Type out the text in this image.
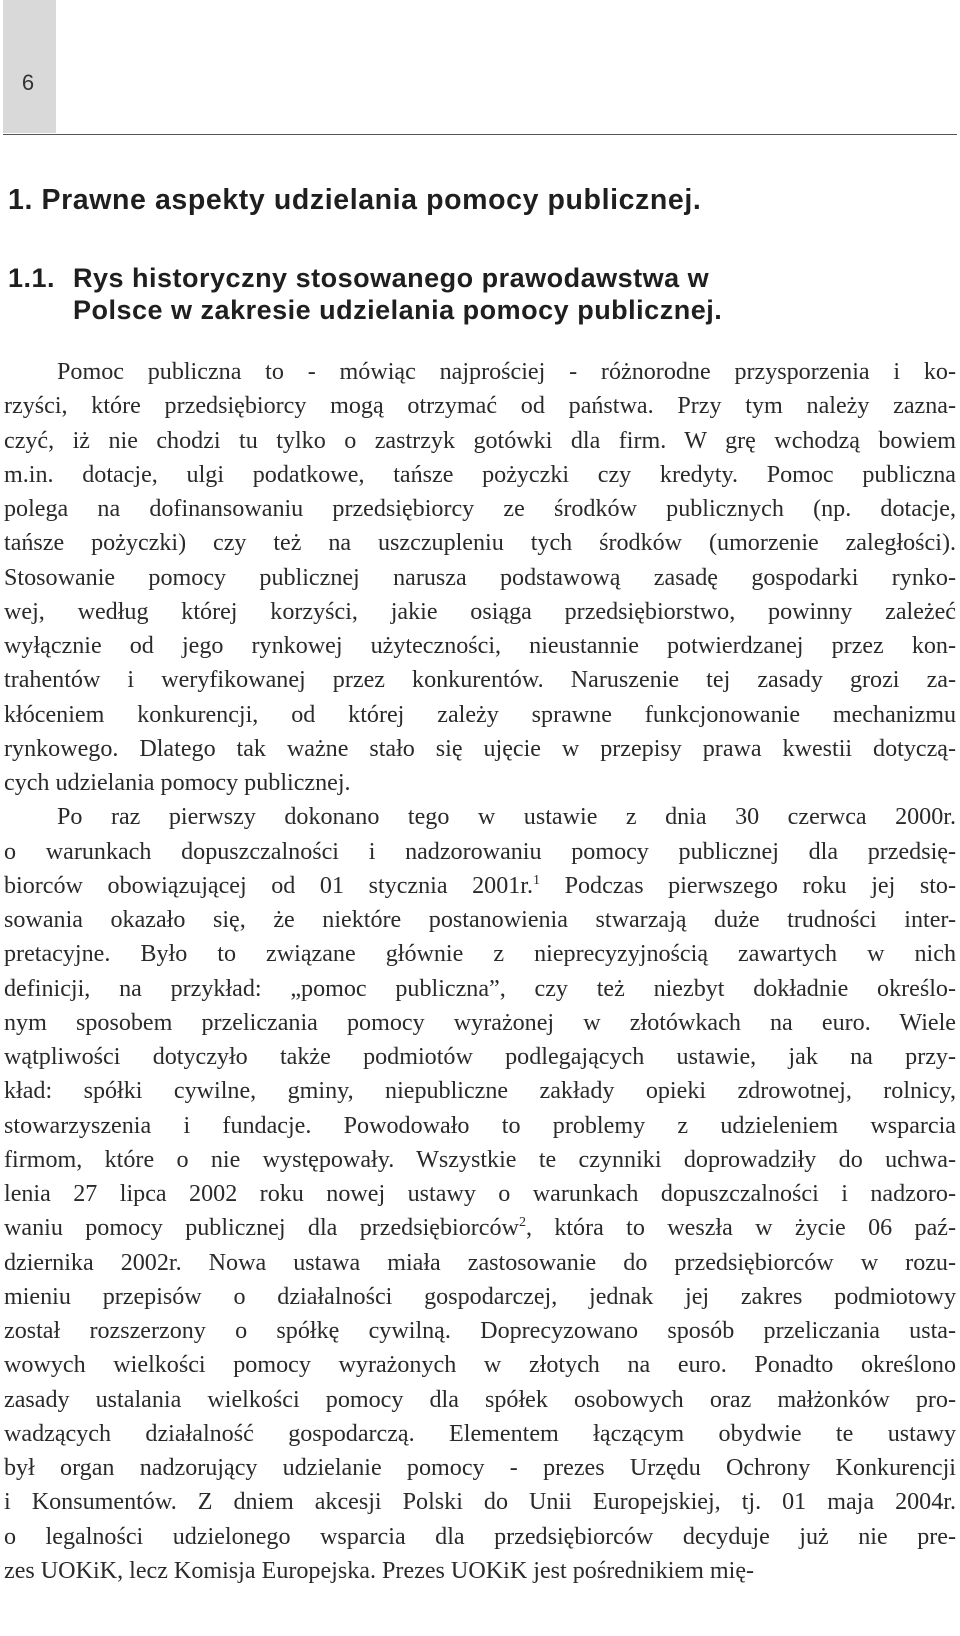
6
1. Prawne aspekty udzielania pomocy publicznej.
1.1. Rys historyczny stosowanego prawodawstwa w
Polsce w zakresie udzielania pomocy publicznej.

Pomoc publiczna to - mówiąc najprościej - różnorodne przysporzenia i ko-

rzyści, które przedsiębiorcy mogą otrzymać od państwa. Przy tym należy zazna-

czyć, iż nie chodzi tu tylko o zastrzyk gotówki dla firm. W grę wchodzą bowiem

m.in. dotacje, ulgi podatkowe, tańsze pożyczki czy kredyty. Pomoc publiczna

polega na dofinansowaniu przedsiębiorcy ze środków publicznych (np. dotacje,

tańsze pożyczki) czy też na uszczupleniu tych środków (umorzenie zaległości).

Stosowanie pomocy publicznej narusza podstawową zasadę gospodarki rynko-

wej, według której korzyści, jakie osiąga przedsiębiorstwo, powinny zależeć

wyłącznie od jego rynkowej użyteczności, nieustannie potwierdzanej przez kon-

trahentów i weryfikowanej przez konkurentów. Naruszenie tej zasady grozi za-

kłóceniem konkurencji, od której zależy sprawne funkcjonowanie mechanizmu

rynkowego. Dlatego tak ważne stało się ujęcie w przepisy prawa kwestii dotyczą-

cych udzielania pomocy publicznej.

Po raz pierwszy dokonano tego w ustawie z dnia 30 czerwca 2000r.

o warunkach dopuszczalności i nadzorowaniu pomocy publicznej dla przedsię-

biorców obowiązującej od 01 stycznia 2001r.$^1$ Podczas pierwszego roku jej sto-

sowania okazało się, że niektóre postanowienia stwarzają duże trudności inter-

pretacyjne. Było to związane głównie z nieprecyzyjnością zawartych w nich

definicji, na przykład: „pomoc publiczna”, czy też niezbyt dokładnie określo-

nym sposobem przeliczania pomocy wyrażonej w złotówkach na euro. Wiele

wątpliwości dotyczyło także podmiotów podlegających ustawie, jak na przy-

kład: spółki cywilne, gminy, niepubliczne zakłady opieki zdrowotnej, rolnicy,

stowarzyszenia i fundacje. Powodowało to problemy z udzieleniem wsparcia

firmom, które o nie występowały. Wszystkie te czynniki doprowadziły do uchwa-

lenia 27 lipca 2002 roku nowej ustawy o warunkach dopuszczalności i nadzoro-

waniu pomocy publicznej dla przedsiębiorców$^2$, która to weszła w życie 06 paź-

dziernika 2002r. Nowa ustawa miała zastosowanie do przedsiębiorców w rozu-

mieniu przepisów o działalności gospodarczej, jednak jej zakres podmiotowy

został rozszerzony o spółkę cywilną. Doprecyzowano sposób przeliczania usta-

wowych wielkości pomocy wyrażonych w złotych na euro. Ponadto określono

zasady ustalania wielkości pomocy dla spółek osobowych oraz małżonków pro-

wadzących działalność gospodarczą. Elementem łączącym obydwie te ustawy

był organ nadzorujący udzielanie pomocy - prezes Urzędu Ochrony Konkurencji

i Konsumentów. Z dniem akcesji Polski do Unii Europejskiej, tj. 01 maja 2004r.

o legalności udzielonego wsparcia dla przedsiębiorców decyduje już nie pre-

zes UOKiK, lecz Komisja Europejska. Prezes UOKiK jest pośrednikiem mię-
